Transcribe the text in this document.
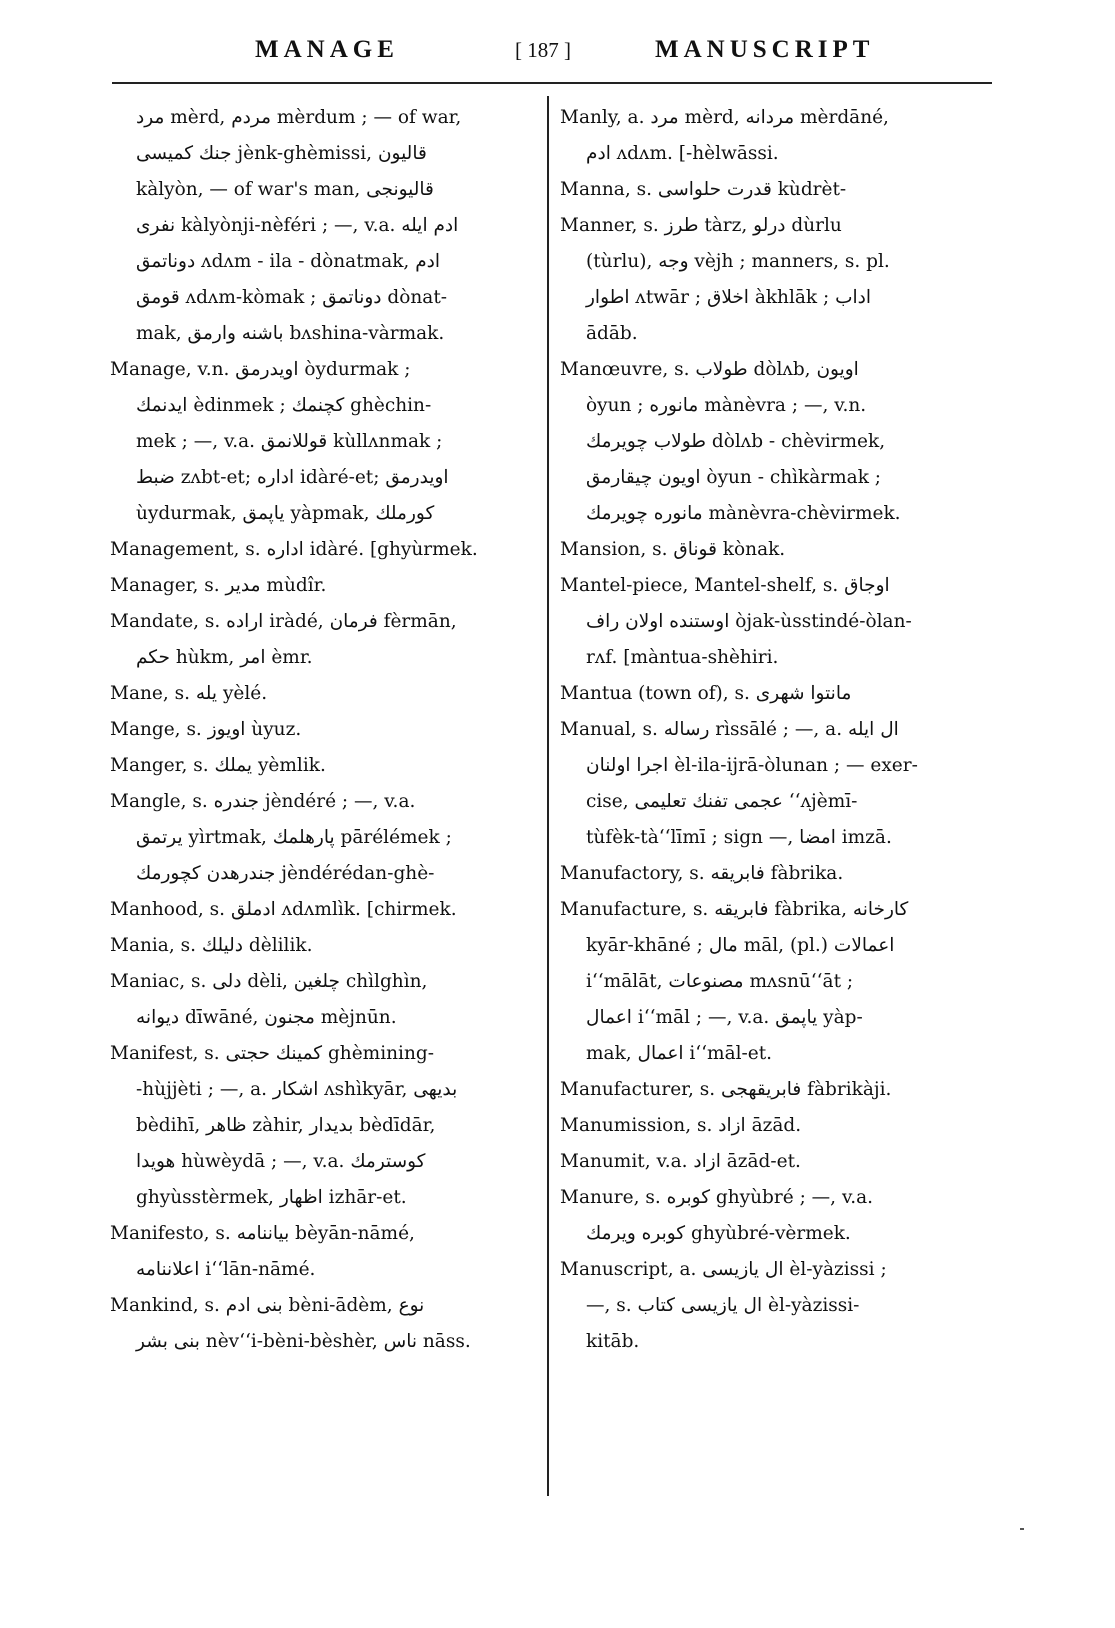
MANAGE	[ 187 ]	MANUSCRIPT
مرد mèrd, مردم mèrdum ; — of war,
جنك كميسى jènk-ghèmissi, قاليون
kàlyòn, — of war's man, قاليونجى
نفرى kàlyònji-nèféri ; —, v.a. ادم ايله
دوناتمق ʌdʌm - ila - dònatmak, ادم
قومق ʌdʌm-kòmak ; دوناتمق dònat-
mak, باشنه وارمق bʌshina-vàrmak.
Manage, v.n. اويدرمق òydurmak ;
ايدنمك èdinmek ; كچنمك ghèchin-
mek ; —, v.a. قوللانمق kùllʌnmak ;
ضبط zʌbt-et; اداره idàré-et; اويدرمق
ùydurmak, ياپمق yàpmak, كورملك
Management, s. اداره idàré. [ghyùrmek.
Manager, s. مدير mùdîr.
Mandate, s. اراده iràdé, فرمان fèrmān,
حكم hùkm, امر èmr.
Mane, s. يله yèlé.
Mange, s. اويوز ùyuz.
Manger, s. يملك yèmlik.
Mangle, s. جندره jèndéré ; —, v.a.
يرتمق yìrtmak, پارهلمك pārélémek ;
جندرهدن كچورمك jèndérédan-ghè-
Manhood, s. ادملق ʌdʌmlìk. [chirmek.
Mania, s. دليلك dèlilik.
Maniac, s. دلى dèli, چلغين chìlghìn,
ديوانه dīwāné, مجنون mèjnūn.
Manifest, s. كمينك حجتى ghèmining-
-hùjjèti ; —, a. اشكار ʌshìkyār, بديهى
bèdihī, ظاهر zàhir, بديدار bèdīdār,
هويدا hùwèydā ; —, v.a. كوسترمك
ghyùsstèrmek, اظهار izhār-et.
Manifesto, s. بياننامه bèyān-nāmé,
اعلاننامه i‘‘lān-nāmé.
Mankind, s. بنى ادم bèni-ādèm, نوع
بنى بشر nèv‘‘i-bèni-bèshèr, ناس nāss.
Manly, a. مرد mèrd, مردانه mèrdāné,
ادم ʌdʌm. [-hèlwāssi.
Manna, s. قدرت حلواسى kùdrèt-
Manner, s. طرز tàrz, درلو dùrlu
(tùrlu), وجه vèjh ; manners, s. pl.
اطوار ʌtwār ; اخلاق àkhlāk ; اداب
ādāb.
Manœuvre, s. طولاب dòlʌb, اويون
òyun ; مانوره mànèvra ; —, v.n.
طولاب چويرمك dòlʌb - chèvirmek,
اويون چيقارمق òyun - chìkàrmak ;
مانوره چويرمك mànèvra-chèvirmek.
Mansion, s. قوناق kònak.
Mantel-piece, Mantel-shelf, s. اوجاق
اوستنده اولان راف òjak-ùsstindé-òlan-
rʌf. [màntua-shèhiri.
Mantua (town of), s. مانتوا شهرى
Manual, s. رساله rìssālé ; —, a. ال ايله
اجرا اولنان èl-ila-ijrā-òlunan ; — exer-
cise, عجمى تفنك تعليمى ‘‘ʌjèmī-
tùfèk-tà‘‘līmī ; sign —, امضا imzā.
Manufactory, s. فابريقه fàbrika.
Manufacture, s. فابريقه fàbrika, كارخانه
kyār-khāné ; مال māl, (pl.) اعمالات
i‘‘mālāt, مصنوعات mʌsnū‘‘āt ;
اعمال i‘‘māl ; —, v.a. ياپمق yàp-
mak, اعمال i‘‘māl-et.
Manufacturer, s. فابريقهجى fàbrikàji.
Manumission, s. ازاد āzād.
Manumit, v.a. ازاد āzād-et.
Manure, s. كوبره ghyùbré ; —, v.a.
كوبره ويرمك ghyùbré-vèrmek.
Manuscript, a. ال يازيسى èl-yàzissi ;
—, s. ال يازيسى كتاب èl-yàzissi-
kitāb.
